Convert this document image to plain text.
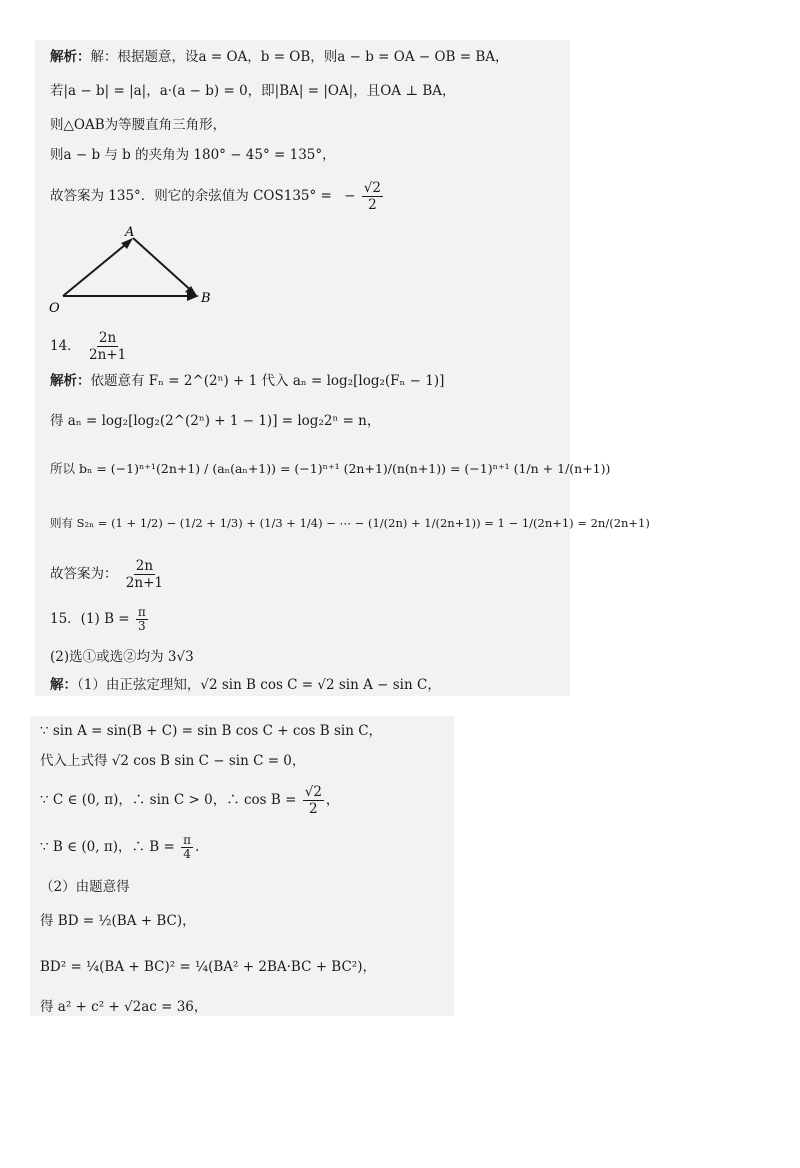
解析：解：根据题意，设a = OA，b = OB，则a − b = OA − OB = BA，
若|a − b| = |a|，a·(a − b) = 0，即|BA| = |OA|，且OA ⊥ BA，
则△OAB为等腰直角三角形，
则a − b 与 b 的夹角为 180° − 45° = 135°，
故答案为 135°．则它的余弦值为 COS135° = − $\frac{√2}{2}$
A
O
B
14． $\frac{2n}{2n+1}$
解析：依题意有 Fₙ = 2^(2ⁿ) + 1 代入 aₙ = log₂[log₂(Fₙ − 1)]
得 aₙ = log₂[log₂(2^(2ⁿ) + 1 − 1)] = log₂2ⁿ = n，
所以 bₙ = (−1)ⁿ⁺¹(2n+1) / (aₙ(aₙ+1)) = (−1)ⁿ⁺¹ (2n+1)/(n(n+1)) = (−1)ⁿ⁺¹ (1/n + 1/(n+1))
则有 S₂ₙ = (1 + 1/2) − (1/2 + 1/3) + (1/3 + 1/4) − ⋯ − (1/(2n) + 1/(2n+1)) = 1 − 1/(2n+1) = 2n/(2n+1)
故答案为： $\frac{2n}{2n+1}$
15．(1) $B = \frac{\pi}{3}$
(2)选①或选②均为 3√3
解：（1）由正弦定理知，√2 sin B cos C = √2 sin A − sin C，
∵ sin A = sin(B + C) = sin B cos C + cos B sin C，
代入上式得 √2 cos B sin C − sin C = 0，
∵ C ∈ (0, π)，∴ sin C > 0，∴ $\cos B = \frac{√2}{2}$ ，
∵ B ∈ (0, π)，∴ $B = \frac{\pi}{4}$ .
（2）由题意得
得 BD = ½(BA + BC)，
BD² = ¼(BA + BC)² = ¼(BA² + 2BA·BC + BC²)，
得 a² + c² + √2ac = 36，
